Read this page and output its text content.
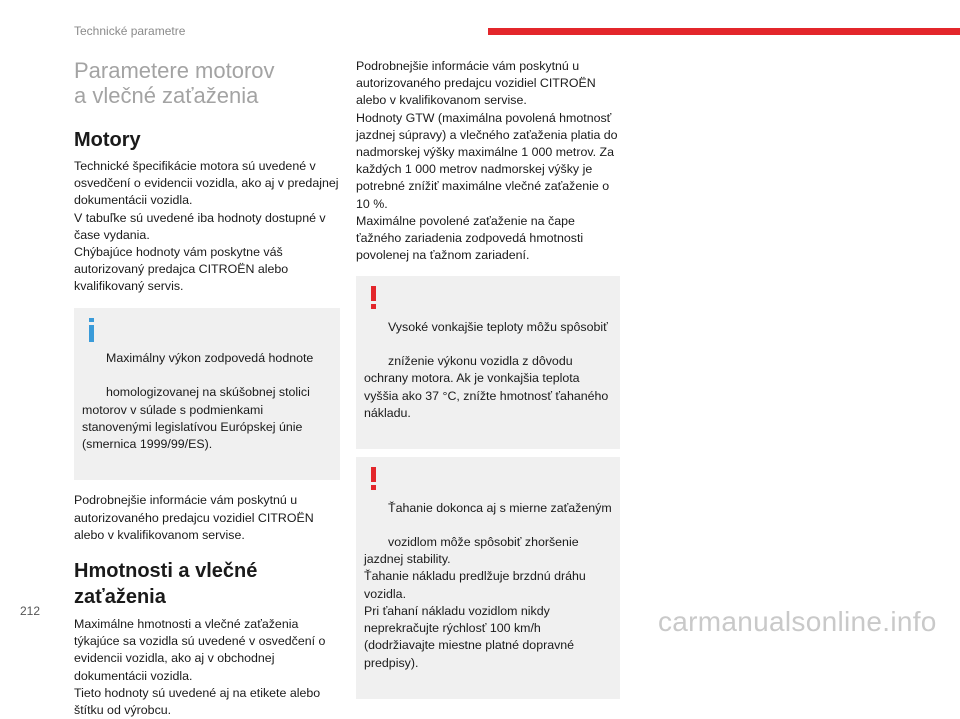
Technické parametre
Parametere motorov
a vlečné zaťaženia
Motory

Technické špecifikácie motora sú uvedené v osvedčení o evidencii vozidla, ako aj v predajnej dokumentácii vozidla.
V tabuľke sú uvedené iba hodnoty dostupné v čase vydania.
Chýbajúce hodnoty vám poskytne váš autorizovaný predajca CITROËN alebo kvalifikovaný servis.

Maximálny výkon zodpovedá hodnote

homologizovanej na skúšobnej stolici
motorov v súlade s podmienkami stanovenými legislatívou Európskej únie (smernica 1999/99/ES).

Podrobnejšie informácie vám poskytnú u autorizovaného predajcu vozidiel CITROËN alebo v kvalifikovanom servise.

Hmotnosti a vlečné
zaťaženia

Maximálne hmotnosti a vlečné zaťaženia týkajúce sa vozidla sú uvedené v osvedčení o evidencii vozidla, ako aj v obchodnej dokumentácii vozidla.
Tieto hodnoty sú uvedené aj na etikete alebo štítku od výrobcu.

Podrobnejšie informácie vám poskytnú u autorizovaného predajcu vozidiel CITROËN alebo v kvalifikovanom servise.
Hodnoty GTW (maximálna povolená hmotnosť jazdnej súpravy) a vlečného zaťaženia platia do nadmorskej výšky maximálne 1 000 metrov. Za každých 1 000 metrov nadmorskej výšky je potrebné znížiť maximálne vlečné zaťaženie o 10 %.
Maximálne povolené zaťaženie na čape ťažného zariadenia zodpovedá hmotnosti povolenej na ťažnom zariadení.

Vysoké vonkajšie teploty môžu spôsobiť

zníženie výkonu vozidla z dôvodu
ochrany motora. Ak je vonkajšia teplota vyššia ako 37 °C, znížte hmotnosť ťahaného nákladu.

Ťahanie dokonca aj s mierne zaťaženým

vozidlom môže spôsobiť zhoršenie
jazdnej stability.
Ťahanie nákladu predlžuje brzdnú dráhu vozidla.
Pri ťahaní nákladu vozidlom nikdy neprekračujte rýchlosť 100 km/h (dodržiavajte miestne platné dopravné predpisy).

212	carmanualsonline.info
